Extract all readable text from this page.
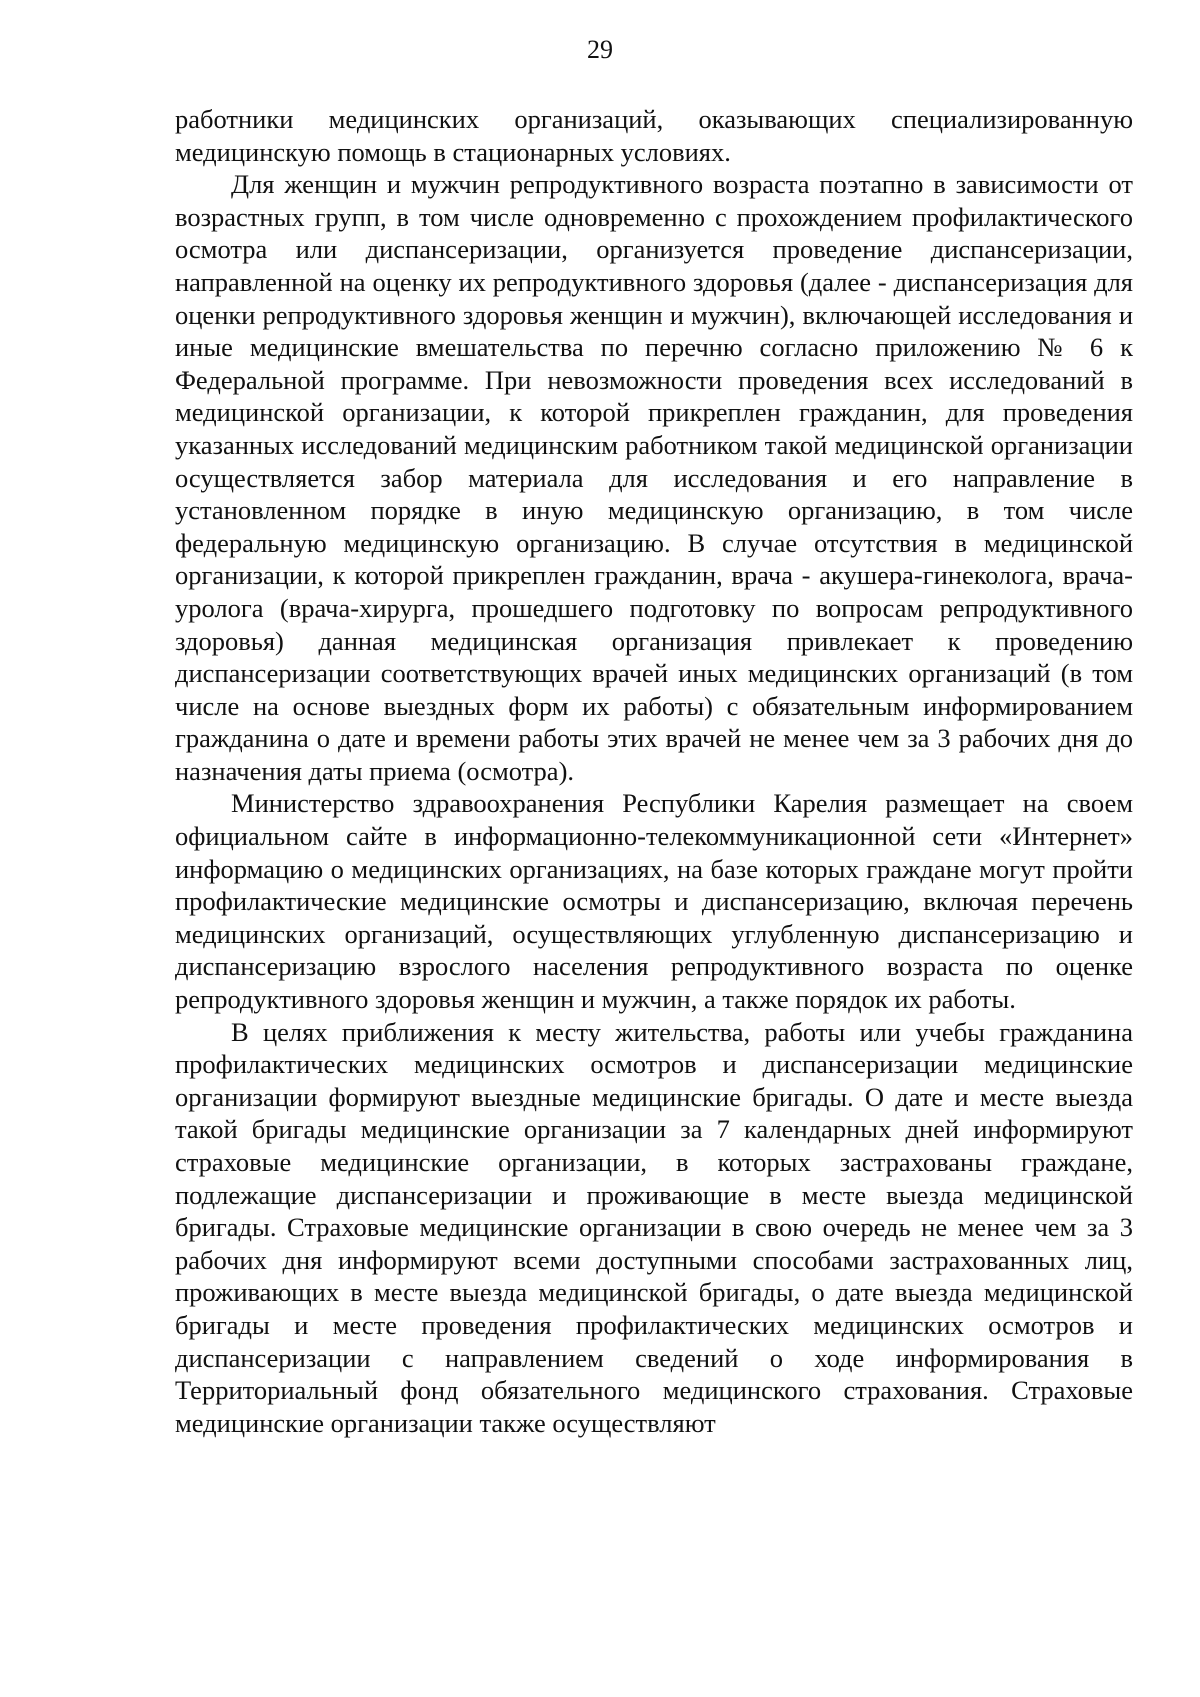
29

работники медицинских организаций, оказывающих специализированную медицинскую помощь в стационарных условиях.

Для женщин и мужчин репродуктивного возраста поэтапно в зависимости от возрастных групп, в том числе одновременно с прохождением профилактического осмотра или диспансеризации, организуется проведение диспансеризации, направленной на оценку их репродуктивного здоровья (далее - диспансеризация для оценки репродуктивного здоровья женщин и мужчин), включающей исследования и иные медицинские вмешательства по перечню согласно приложению № 6 к Федеральной программе. При невозможности проведения всех исследований в медицинской организации, к которой прикреплен гражданин, для проведения указанных исследований медицинским работником такой медицинской организации осуществляется забор материала для исследования и его направление в установленном порядке в иную медицинскую организацию, в том числе федеральную медицинскую организацию. В случае отсутствия в медицинской организации, к которой прикреплен гражданин, врача - акушера-гинеколога, врача-уролога (врача-хирурга, прошедшего подготовку по вопросам репродуктивного здоровья) данная медицинская организация привлекает к проведению диспансеризации соответствующих врачей иных медицинских организаций (в том числе на основе выездных форм их работы) с обязательным информированием гражданина о дате и времени работы этих врачей не менее чем за 3 рабочих дня до назначения даты приема (осмотра).

Министерство здравоохранения Республики Карелия размещает на своем официальном сайте в информационно-телекоммуникационной сети «Интернет» информацию о медицинских организациях, на базе которых граждане могут пройти профилактические медицинские осмотры и диспансеризацию, включая перечень медицинских организаций, осуществляющих углубленную диспансеризацию и диспансеризацию взрослого населения репродуктивного возраста по оценке репродуктивного здоровья женщин и мужчин, а также порядок их работы.

В целях приближения к месту жительства, работы или учебы гражданина профилактических медицинских осмотров и диспансеризации медицинские организации формируют выездные медицинские бригады. О дате и месте выезда такой бригады медицинские организации за 7 календарных дней информируют страховые медицинские организации, в которых застрахованы граждане, подлежащие диспансеризации и проживающие в месте выезда медицинской бригады. Страховые медицинские организации в свою очередь не менее чем за 3 рабочих дня информируют всеми доступными способами застрахованных лиц, проживающих в месте выезда медицинской бригады, о дате выезда медицинской бригады и месте проведения профилактических медицинских осмотров и диспансеризации с направлением сведений о ходе информирования в Территориальный фонд обязательного медицинского страхования. Страховые медицинские организации также осуществляют
